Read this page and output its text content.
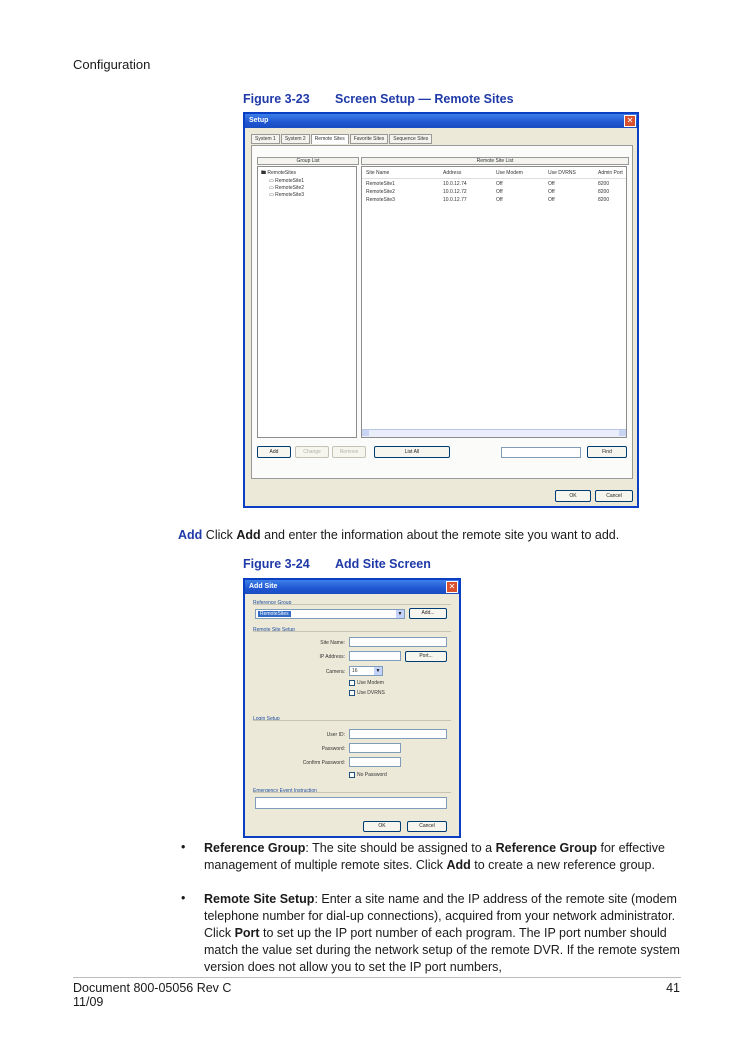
Configuration
Figure 3-23 Screen Setup — Remote Sites
Setup	✕
System 1	System 2	Remote Sites	Favorite Sites	Sequence Sites
Group List
🖿 RemoteSites
▭ RemoteSite1
▭ RemoteSite2
▭ RemoteSite3
Remote Site List
Site Name	Address	Use Modem	Use DVRNS	Admin Port
RemoteSite1	10.0.12.74	Off	Off	8200
RemoteSite2	10.0.12.72	Off	Off	8200
RemoteSite3	10.0.12.77	Off	Off	8200
Add	Change	Remove	List All	Find
OK	Cancel
Add Click Add and enter the information about the remote site you want to add.
Figure 3-24 Add Site Screen
Add Site	✕
Reference Group
RemoteSites	▼	Add...
Remote Site Setup
Site Name:
IP Address:	Port...
Camera: 16	▼
Use Modem
Use DVRNS
Login Setup
User ID:
Password:
Confirm Password:
No Password
Emergency Event Instruction
OK	Cancel
• Reference Group: The site should be assigned to a Reference Group for effective management of multiple remote sites. Click Add to create a new reference group.
• Remote Site Setup: Enter a site name and the IP address of the remote site (modem telephone number for dial-up connections), acquired from your network administrator. Click Port to set up the IP port number of each program. The IP port number should match the value set during the network setup of the remote DVR. If the remote system version does not allow you to set the IP port numbers,
Document 800-05056 Rev C
11/09
41
